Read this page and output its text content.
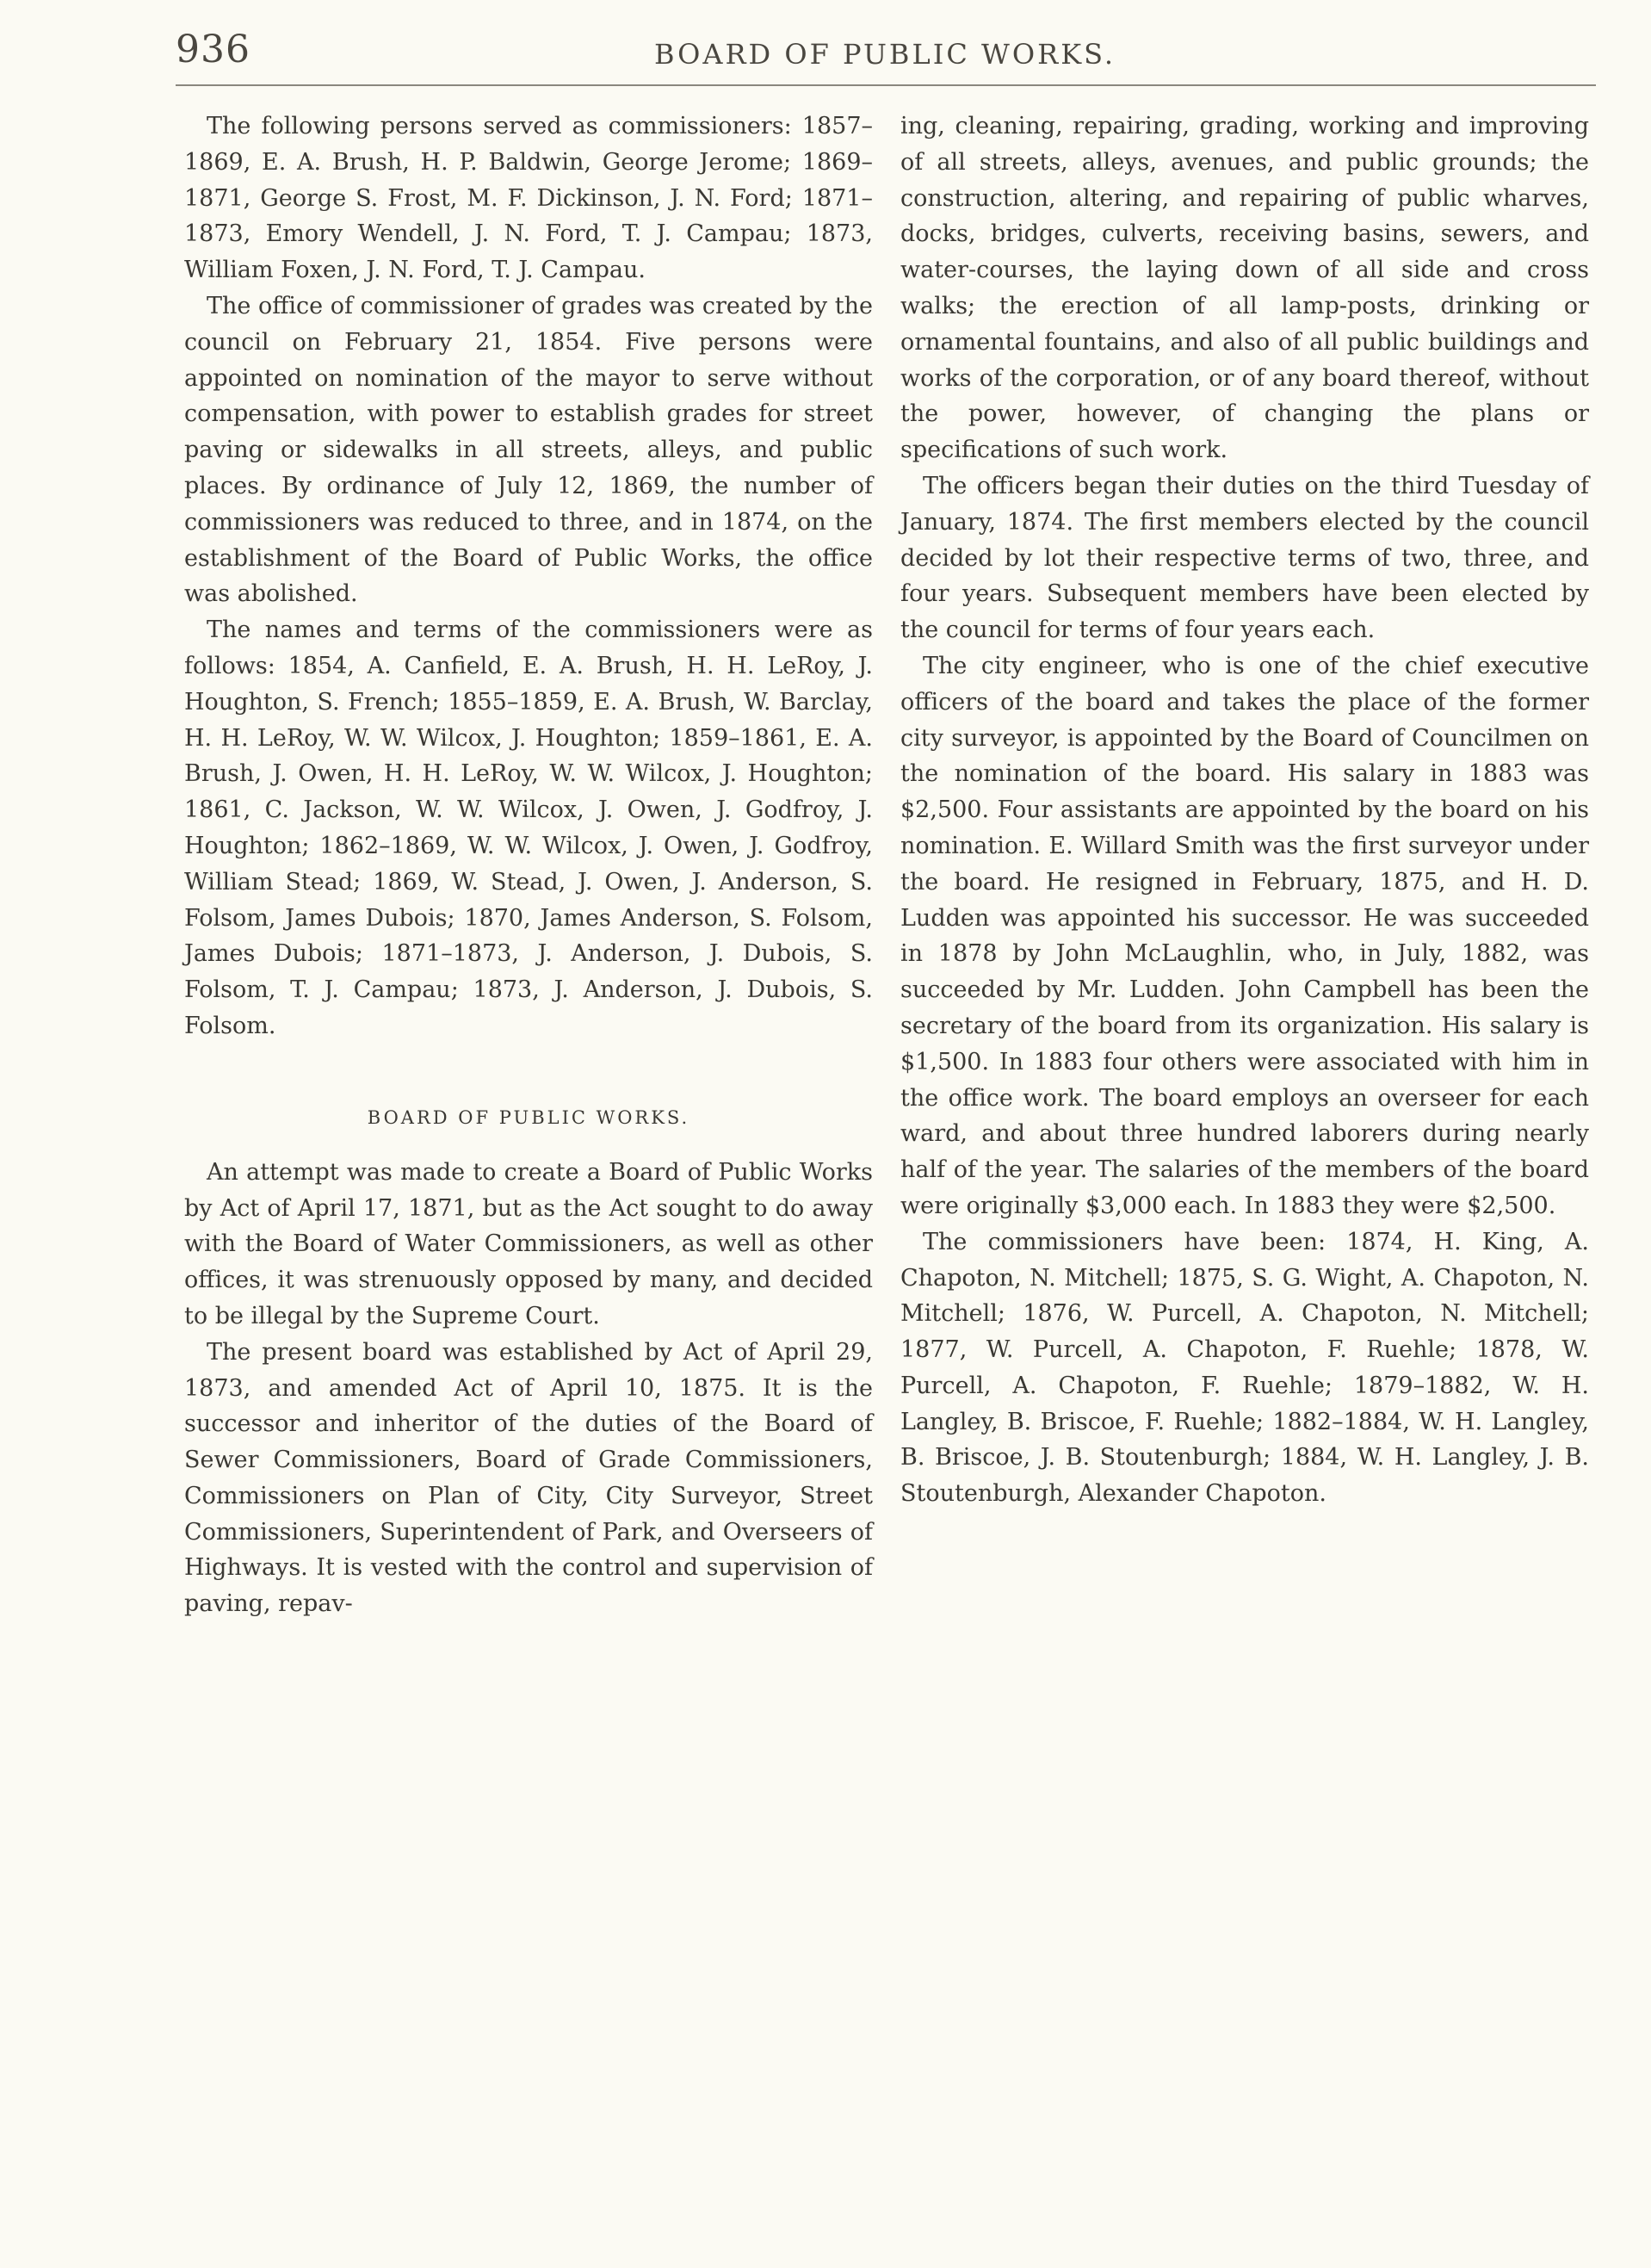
936	BOARD OF PUBLIC WORKS.

The following persons served as commissioners: 1857–1869, E. A. Brush, H. P. Baldwin, George Jerome; 1869–1871, George S. Frost, M. F. Dickinson, J. N. Ford; 1871–1873, Emory Wendell, J. N. Ford, T. J. Campau; 1873, William Foxen, J. N. Ford, T. J. Campau.

The office of commissioner of grades was created by the council on February 21, 1854. Five persons were appointed on nomination of the mayor to serve without compensation, with power to establish grades for street paving or sidewalks in all streets, alleys, and public places. By ordinance of July 12, 1869, the number of commissioners was reduced to three, and in 1874, on the establishment of the Board of Public Works, the office was abolished.

The names and terms of the commissioners were as follows: 1854, A. Canfield, E. A. Brush, H. H. LeRoy, J. Houghton, S. French; 1855–1859, E. A. Brush, W. Barclay, H. H. LeRoy, W. W. Wilcox, J. Houghton; 1859–1861, E. A. Brush, J. Owen, H. H. LeRoy, W. W. Wilcox, J. Houghton; 1861, C. Jackson, W. W. Wilcox, J. Owen, J. Godfroy, J. Houghton; 1862–1869, W. W. Wilcox, J. Owen, J. Godfroy, William Stead; 1869, W. Stead, J. Owen, J. Anderson, S. Folsom, James Dubois; 1870, James Anderson, S. Folsom, James Dubois; 1871–1873, J. Anderson, J. Dubois, S. Folsom, T. J. Campau; 1873, J. Anderson, J. Dubois, S. Folsom.

BOARD OF PUBLIC WORKS.

An attempt was made to create a Board of Public Works by Act of April 17, 1871, but as the Act sought to do away with the Board of Water Commissioners, as well as other offices, it was strenuously opposed by many, and decided to be illegal by the Supreme Court.

The present board was established by Act of April 29, 1873, and amended Act of April 10, 1875. It is the successor and inheritor of the duties of the Board of Sewer Commissioners, Board of Grade Commissioners, Commissioners on Plan of City, City Surveyor, Street Commissioners, Superintendent of Park, and Overseers of Highways. It is vested with the control and supervision of paving, repav-

ing, cleaning, repairing, grading, working and improving of all streets, alleys, avenues, and public grounds; the construction, altering, and repairing of public wharves, docks, bridges, culverts, receiving basins, sewers, and water-courses, the laying down of all side and cross walks; the erection of all lamp-posts, drinking or ornamental fountains, and also of all public buildings and works of the corporation, or of any board thereof, without the power, however, of changing the plans or specifications of such work.

The officers began their duties on the third Tuesday of January, 1874. The first members elected by the council decided by lot their respective terms of two, three, and four years. Subsequent members have been elected by the council for terms of four years each.

The city engineer, who is one of the chief executive officers of the board and takes the place of the former city surveyor, is appointed by the Board of Councilmen on the nomination of the board. His salary in 1883 was $2,500. Four assistants are appointed by the board on his nomination. E. Willard Smith was the first surveyor under the board. He resigned in February, 1875, and H. D. Ludden was appointed his successor. He was succeeded in 1878 by John McLaughlin, who, in July, 1882, was succeeded by Mr. Ludden. John Campbell has been the secretary of the board from its organization. His salary is $1,500. In 1883 four others were associated with him in the office work. The board employs an overseer for each ward, and about three hundred laborers during nearly half of the year. The salaries of the members of the board were originally $3,000 each. In 1883 they were $2,500.

The commissioners have been: 1874, H. King, A. Chapoton, N. Mitchell; 1875, S. G. Wight, A. Chapoton, N. Mitchell; 1876, W. Purcell, A. Chapoton, N. Mitchell; 1877, W. Purcell, A. Chapoton, F. Ruehle; 1878, W. Purcell, A. Chapoton, F. Ruehle; 1879–1882, W. H. Langley, B. Briscoe, F. Ruehle; 1882–1884, W. H. Langley, B. Briscoe, J. B. Stoutenburgh; 1884, W. H. Langley, J. B. Stoutenburgh, Alexander Chapoton.
